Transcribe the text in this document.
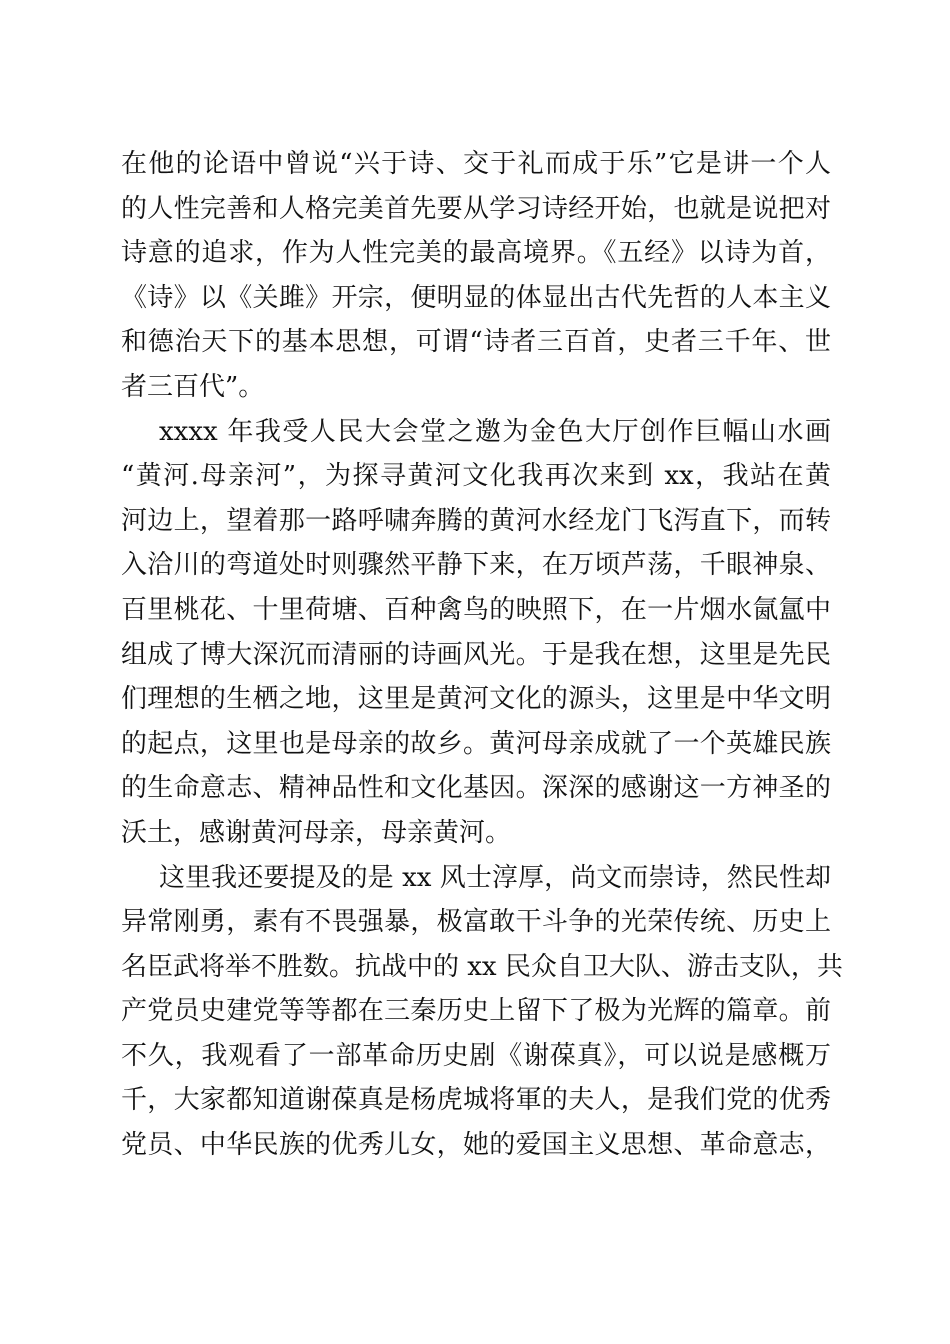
在他的论语中曾说“兴于诗、交于礼而成于乐”它是讲一个人
的人性完善和人格完美首先要从学习诗经开始，也就是说把对
诗意的追求，作为人性完美的最高境界。《五经》以诗为首，
《诗》以《关雎》开宗，便明显的体显出古代先哲的人本主义
和德治天下的基本思想，可谓“诗者三百首，史者三千年、世
者三百代”。
xxxx 年我受人民大会堂之邀为金色大厅创作巨幅山水画
“黄河.母亲河”，为探寻黄河文化我再次来到 xx，我站在黄
河边上，望着那一路呼啸奔腾的黄河水经龙门飞泻直下，而转
入洽川的弯道处时则骤然平静下来，在万顷芦荡，千眼神泉、
百里桃花、十里荷塘、百种禽鸟的映照下，在一片烟水氤氲中
组成了博大深沉而清丽的诗画风光。于是我在想，这里是先民
们理想的生栖之地，这里是黄河文化的源头，这里是中华文明
的起点，这里也是母亲的故乡。黄河母亲成就了一个英雄民族
的生命意志、精神品性和文化基因。深深的感谢这一方神圣的
沃土，感谢黄河母亲，母亲黄河。
这里我还要提及的是 xx 风士淳厚，尚文而崇诗，然民性却
异常刚勇，素有不畏强暴，极富敢干斗争的光荣传统、历史上
名臣武将举不胜数。抗战中的 xx 民众自卫大队、游击支队，共
产党员史建党等等都在三秦历史上留下了极为光辉的篇章。前
不久，我观看了一部革命历史剧《谢葆真》，可以说是感概万
千，大家都知道谢葆真是杨虎城将軍的夫人，是我们党的优秀
党员、中华民族的优秀儿女，她的爱国主义思想、革命意志，
